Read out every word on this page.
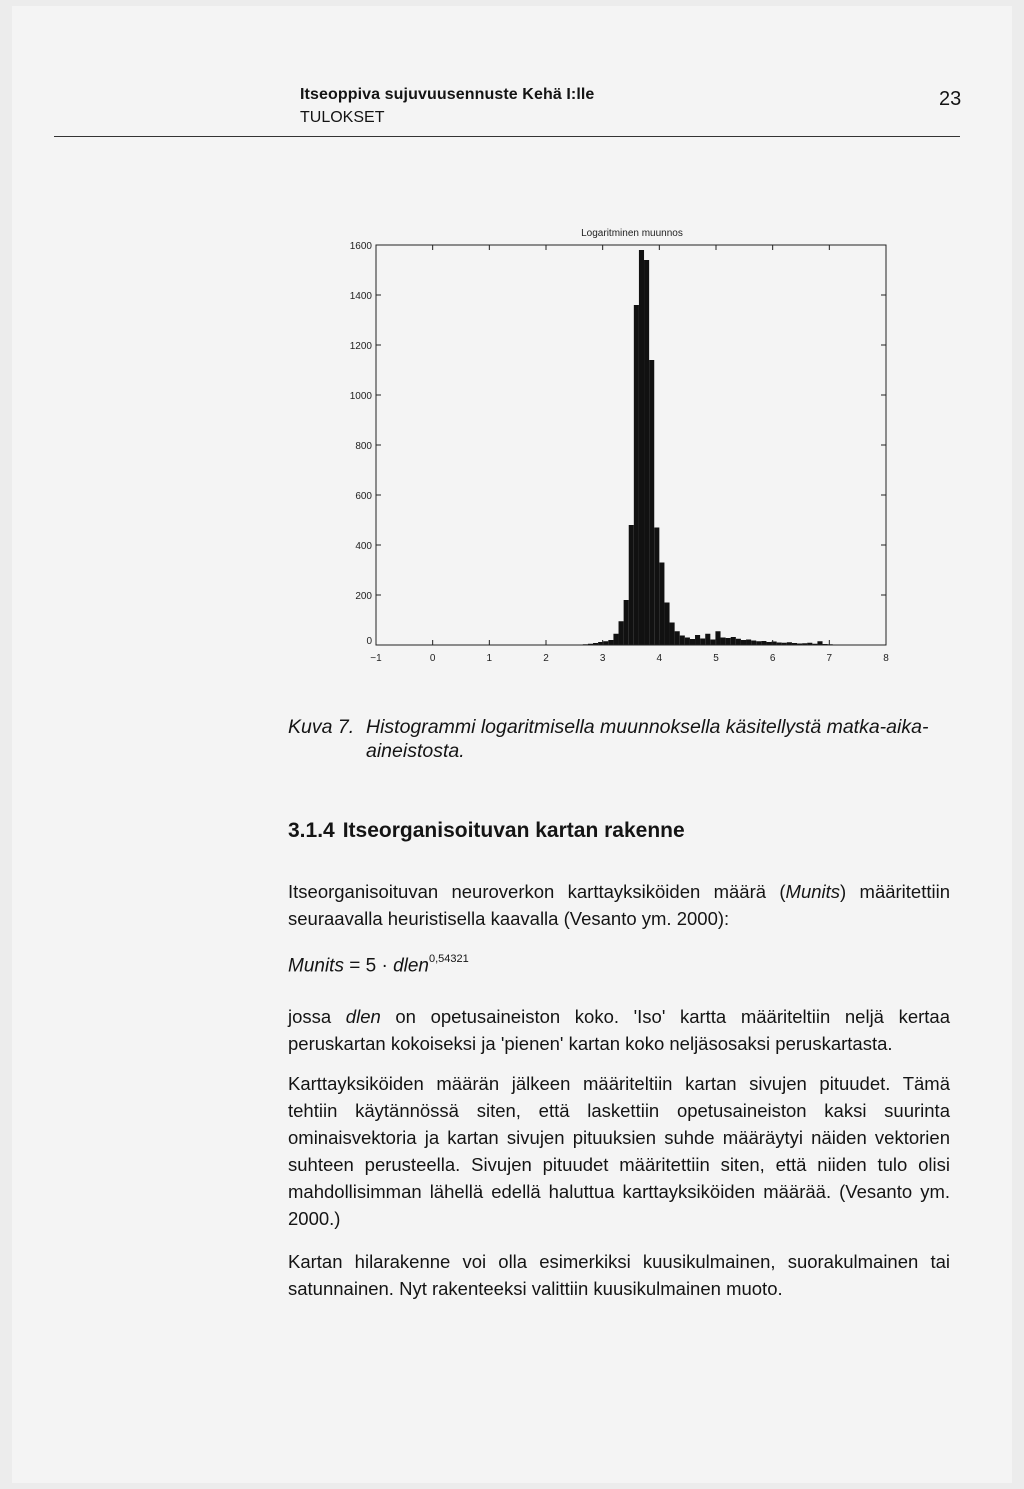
Itseoppiva sujuvuusennuste Kehä I:lle
TULOKSET
23
Logaritminen muunnos
−1	0	1	2	3	4	5	6	7	8
0
200
400
600
800
1000
1200
1400
1600
Kuva 7. Histogrammi logaritmisella muunnoksella käsitellystä matka-aika-
aineistosta.
3.1.4 Itseorganisoituvan kartan rakenne
Itseorganisoituvan neuroverkon karttayksiköiden määrä (Munits) määritettiin seuraavalla heuristisella kaavalla (Vesanto ym. 2000):
Munits = 5 · dlen$^{0,54321}$
jossa dlen on opetusaineiston koko. 'Iso' kartta määriteltiin neljä kertaa peruskartan kokoiseksi ja 'pienen' kartan koko neljäsosaksi peruskartasta.
Karttayksiköiden määrän jälkeen määriteltiin kartan sivujen pituudet. Tämä tehtiin käytännössä siten, että laskettiin opetusaineiston kaksi suurinta ominaisvektoria ja kartan sivujen pituuksien suhde määräytyi näiden vektorien suhteen perusteella. Sivujen pituudet määritettiin siten, että niiden tulo olisi mahdollisimman lähellä edellä haluttua karttayksiköiden määrää. (Vesanto ym. 2000.)
Kartan hilarakenne voi olla esimerkiksi kuusikulmainen, suorakulmainen tai satunnainen. Nyt rakenteeksi valittiin kuusikulmainen muoto.
